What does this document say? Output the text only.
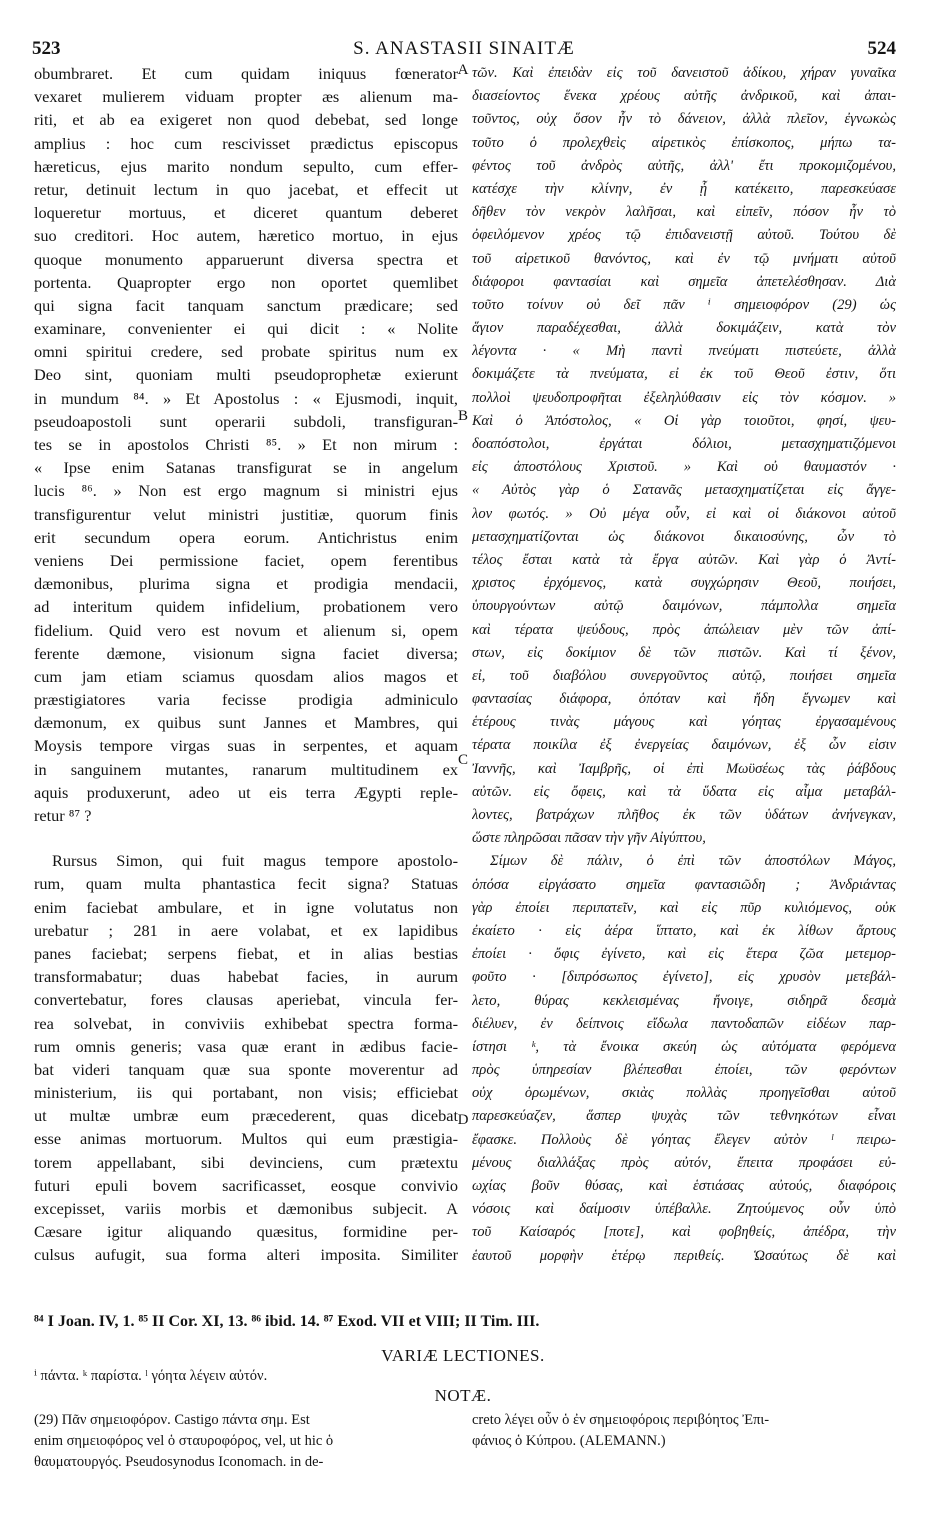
523	S. ANASTASII SINAITÆ	524
obumbraret. Et cum quidam iniquus fœnerator
vexaret mulierem viduam propter æs alienum ma-
riti, et ab ea exigeret non quod debebat, sed longe
amplius : hoc cum rescivisset prædictus episcopus
hæreticus, ejus marito nondum sepulto, cum effer-
retur, detinuit lectum in quo jacebat, et effecit ut
loqueretur mortuus, et diceret quantum deberet
suo creditori. Hoc autem, hæretico mortuo, in ejus
quoque monumento apparuerunt diversa spectra et
portenta. Quapropter ergo non oportet quemlibet
qui signa facit tanquam sanctum prædicare; sed
examinare, convenienter ei qui dicit : « Nolite
omni spiritui credere, sed probate spiritus num ex
Deo sint, quoniam multi pseudoprophetæ exierunt
in mundum ⁸⁴. » Et Apostolus : « Ejusmodi, inquit,
pseudoapostoli sunt operarii subdoli, transfiguran-
tes se in apostolos Christi ⁸⁵. » Et non mirum :
« Ipse enim Satanas transfigurat se in angelum
lucis ⁸⁶. » Non est ergo magnum si ministri ejus
transfigurentur velut ministri justitiæ, quorum finis
erit secundum opera eorum. Antichristus enim
veniens Dei permissione faciet, opem ferentibus
dæmonibus, plurima signa et prodigia mendacii,
ad interitum quidem infidelium, probationem vero
fidelium. Quid vero est novum et alienum si, opem
ferente dæmone, visionum signa faciet diversa;
cum jam etiam sciamus quosdam alios magos et
præstigiatores varia fecisse prodigia adminiculo
dæmonum, ex quibus sunt Jannes et Mambres, qui
Moysis tempore virgas suas in serpentes, et aquam
in sanguinem mutantes, ranarum multitudinem ex
aquis produxerunt, adeo ut eis terra Ægypti reple-
retur ⁸⁷ ?
Rursus Simon, qui fuit magus tempore apostolo-
rum, quam multa phantastica fecit signa? Statuas
enim faciebat ambulare, et in igne volutatus non
urebatur ; 281 in aere volabat, et ex lapidibus
panes faciebat; serpens fiebat, et in alias bestias
transformabatur; duas habebat facies, in aurum
convertebatur, fores clausas aperiebat, vincula fer-
rea solvebat, in conviviis exhibebat spectra forma-
rum omnis generis; vasa quæ erant in ædibus facie-
bat videri tanquam quæ sua sponte moverentur ad
ministerium, iis qui portabant, non visis; efficiebat
ut multæ umbræ eum præcederent, quas dicebat
esse animas mortuorum. Multos qui eum præstigia-
torem appellabant, sibi devinciens, cum prætextu
futuri epuli bovem sacrificasset, eosque convivio
excepisset, variis morbis et dæmonibus subjecit. A
Cæsare igitur aliquando quæsitus, formidine per-
culsus aufugit, sua forma alteri imposita. Similiter
A
B
C
D
τῶν. Καὶ ἐπειδὰν εἰς τοῦ δανειστοῦ ἀδίκου, χήραν γυναῖκα
διασείοντος ἕνεκα χρέους αὐτῆς ἀνδρικοῦ, καὶ ἀπαι-
τοῦντος, οὐχ ὅσον ἦν τὸ δάνειον, ἀλλὰ πλεῖον, ἐγνωκὼς
τοῦτο ὁ προλεχθεὶς αἱρετικὸς ἐπίσκοπος, μήπω τα-
φέντος τοῦ ἀνδρὸς αὐτῆς, ἀλλ' ἔτι προκομιζομένου,
κατέσχε τὴν κλίνην, ἐν ᾗ κατέκειτο, παρεσκεύασε
δῆθεν τὸν νεκρὸν λαλῆσαι, καὶ εἰπεῖν, πόσον ἦν τὸ
ὀφειλόμενον χρέος τῷ ἐπιδανειστῇ αὐτοῦ. Τούτου δὲ
τοῦ αἱρετικοῦ θανόντος, καὶ ἐν τῷ μνήματι αὐτοῦ
διάφοροι φαντασίαι καὶ σημεῖα ἀπετελέσθησαν. Διὰ
τοῦτο τοίνυν οὐ δεῖ πᾶν ⁱ σημειοφόρον (29) ὡς
ἅγιον παραδέχεσθαι, ἀλλὰ δοκιμάζειν, κατὰ τὸν
λέγοντα · « Μὴ παντὶ πνεύματι πιστεύετε, ἀλλὰ
δοκιμάζετε τὰ πνεύματα, εἰ ἐκ τοῦ Θεοῦ ἐστιν, ὅτι
πολλοὶ ψευδοπροφῆται ἐξεληλύθασιν εἰς τὸν κόσμον. »
Καὶ ὁ Ἀπόστολος, « Οἱ γὰρ τοιοῦτοι, φησί, ψευ-
δοαπόστολοι, ἐργάται δόλιοι, μετασχηματιζόμενοι
εἰς ἀποστόλους Χριστοῦ. » Καὶ οὐ θαυμαστόν ·
« Αὐτὸς γὰρ ὁ Σατανᾶς μετασχηματίζεται εἰς ἄγγε-
λον φωτός. » Οὐ μέγα οὖν, εἰ καὶ οἱ διάκονοι αὐτοῦ
μετασχηματίζονται ὡς διάκονοι δικαιοσύνης, ὧν τὸ
τέλος ἔσται κατὰ τὰ ἔργα αὐτῶν. Καὶ γὰρ ὁ Ἀντί-
χριστος ἐρχόμενος, κατὰ συγχώρησιν Θεοῦ, ποιήσει,
ὑπουργούντων αὐτῷ δαιμόνων, πάμπολλα σημεῖα
καὶ τέρατα ψεύδους, πρὸς ἀπώλειαν μὲν τῶν ἀπί-
στων, εἰς δοκίμιον δὲ τῶν πιστῶν. Καὶ τί ξένον,
εἰ, τοῦ διαβόλου συνεργοῦντος αὐτῷ, ποιήσει σημεῖα
φαντασίας διάφορα, ὁπόταν καὶ ἤδη ἔγνωμεν καὶ
ἑτέρους τινὰς μάγους καὶ γόητας ἐργασαμένους
τέρατα ποικίλα ἐξ ἐνεργείας δαιμόνων, ἐξ ὧν εἰσιν
Ἰαννῆς, καὶ Ἰαμβρῆς, οἱ ἐπὶ Μωϋσέως τὰς ῥάβδους
αὐτῶν. εἰς ὄφεις, καὶ τὰ ὕδατα εἰς αἷμα μεταβάλ-
λοντες, βατράχων πλῆθος ἐκ τῶν ὑδάτων ἀνήνεγκαν,
ὥστε πληρῶσαι πᾶσαν τὴν γῆν Αἰγύπτου,
Σίμων δὲ πάλιν, ὁ ἐπὶ τῶν ἀποστόλων Μάγος,
ὁπόσα εἰργάσατο σημεῖα φαντασιῶδη ; Ἀνδριάντας
γὰρ ἐποίει περιπατεῖν, καὶ εἰς πῦρ κυλιόμενος, οὐκ
ἐκαίετο · εἰς ἀέρα ἵπτατο, καὶ ἐκ λίθων ἄρτους
ἐποίει · ὄφις ἐγίνετο, καὶ εἰς ἕτερα ζῶα μετεμορ-
φοῦτο · [διπρόσωπος ἐγίνετο], εἰς χρυσὸν μετεβάλ-
λετο, θύρας κεκλεισμένας ἤνοιγε, σιδηρᾶ δεσμὰ
διέλυεν, ἐν δείπνοις εἴδωλα παντοδαπῶν εἰδέων παρ-
ίστησι ᵏ, τὰ ἔνοικα σκεύη ὡς αὐτόματα φερόμενα
πρὸς ὑπηρεσίαν βλέπεσθαι ἐποίει, τῶν φερόντων
οὐχ ὁρωμένων, σκιὰς πολλὰς προηγεῖσθαι αὐτοῦ
παρεσκεύαζεν, ἅσπερ ψυχὰς τῶν τεθνηκότων εἶναι
ἔφασκε. Πολλοὺς δὲ γόητας ἔλεγεν αὐτὸν ˡ πειρω-
μένους διαλλάξας πρὸς αὐτόν, ἔπειτα προφάσει εὐ-
ωχίας βοῦν θύσας, καὶ ἑστιάσας αὐτούς, διαφόροις
νόσοις καὶ δαίμοσιν ὑπέβαλλε. Ζητούμενος οὖν ὑπὸ
τοῦ Καίσαρός [ποτε], καὶ φοβηθείς, ἀπέδρα, τὴν
ἑαυτοῦ μορφὴν ἑτέρῳ περιθείς. Ὡσαύτως δὲ καὶ
⁸⁴ I Joan. IV, 1. ⁸⁵ II Cor. XI, 13. ⁸⁶ ibid. 14. ⁸⁷ Exod. VII et VIII; II Tim. III.
VARIÆ LECTIONES.
ⁱ πάντα. ᵏ παρίστα. ˡ γόητα λέγειν αὐτόν.
NOTÆ.
(29) Πᾶν σημειοφόρον. Castigo πάντα σημ. Est
enim σημειοφόρος vel ὁ σταυροφόρος, vel, ut hic ὁ
θαυματουργός. Pseudosynodus Iconomach. in de-
creto λέγει οὖν ὁ ἐν σημειοφόροις περιβόητος Ἐπι-
φάνιος ὁ Κύπρου. (ALEMANN.)
